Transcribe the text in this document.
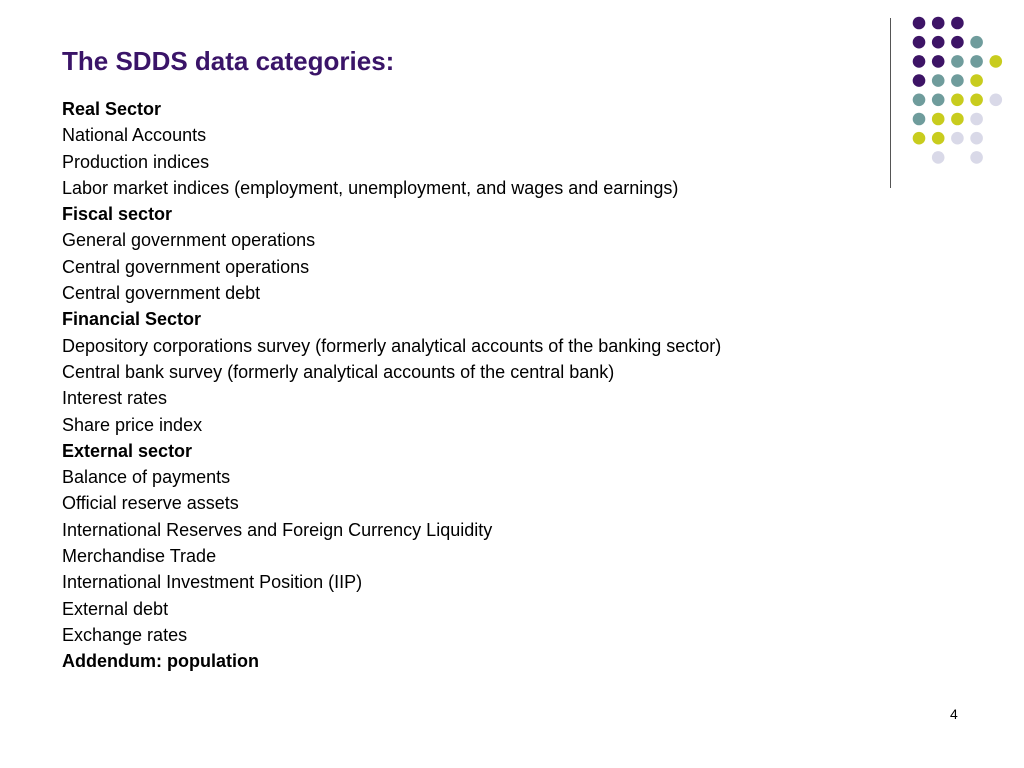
The SDDS data categories:
Real Sector
National Accounts
Production indices
Labor market indices (employment, unemployment, and wages and earnings)
Fiscal sector
General government operations
Central government operations
Central government debt
Financial Sector
Depository corporations survey (formerly analytical accounts of the banking sector)
Central bank survey (formerly analytical accounts of the central bank)
Interest rates
Share price index
External sector
Balance of payments
Official reserve assets
International Reserves and Foreign Currency Liquidity
Merchandise Trade
International Investment Position (IIP)
External debt
Exchange rates
Addendum: population
4
